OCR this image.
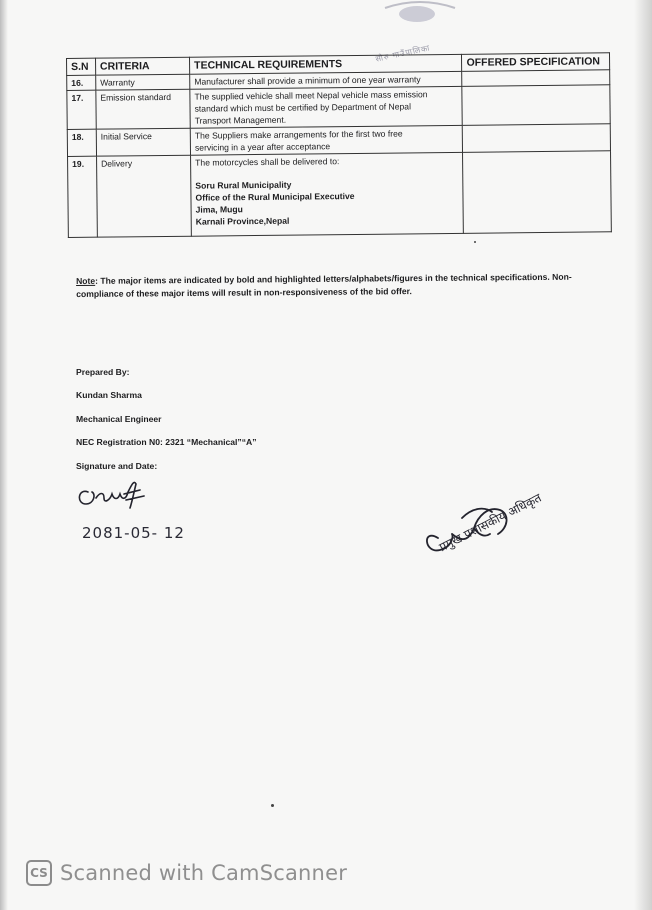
सोरु गाउँपालिका
S.N	CRITERIA	TECHNICAL REQUIREMENTS	OFFERED SPECIFICATION
16.	Warranty	Manufacturer shall provide a minimum of one year warranty	

17.	Emission standard	The supplied vehicle shall meet Nepal vehicle mass emission
standard which must be certified by Department of Nepal
Transport Management.	

18.	Initial Service	The Suppliers make arrangements for the first two free
servicing in a year after acceptance	

19.	Delivery	The motorcycles shall be delivered to:
Soru Rural Municipality
Office of the Rural Municipal Executive
Jima, Mugu
Karnali Province,Nepal	

Note: The major items are indicated by bold and highlighted letters/alphabets/figures in the technical specifications. Non-compliance of these major items will result in non-responsiveness of the bid offer.
Prepared By:
Kundan Sharma
Mechanical Engineer
NEC Registration N0: 2321 “Mechanical”“A”
Signature and Date:
2081-05- 12	प्रमुख प्रशासकीय अधिकृत
CS Scanned with CamScanner
